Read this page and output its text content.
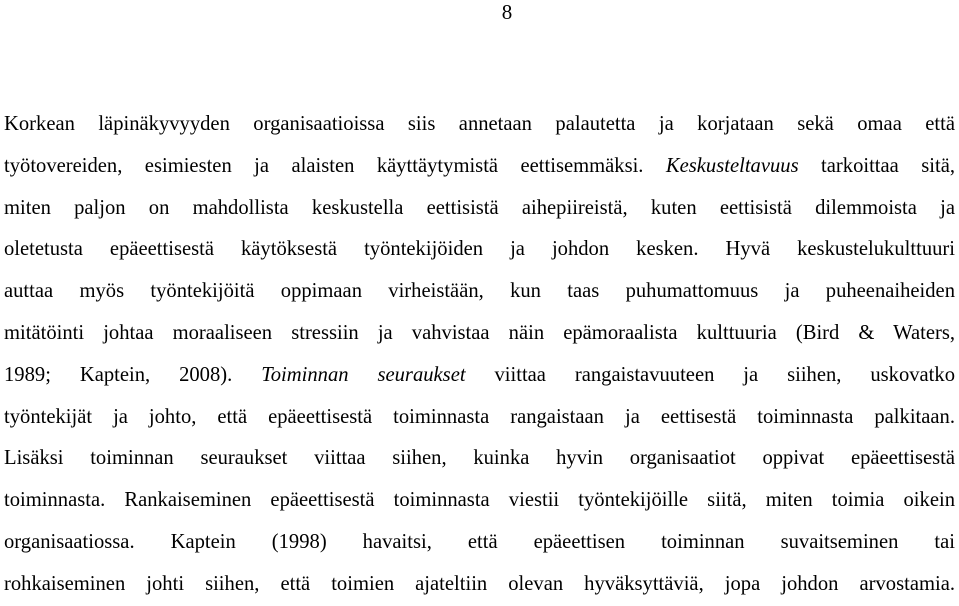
8
Korkean läpinäkyvyyden organisaatioissa siis annetaan palautetta ja korjataan sekä omaa että
työtovereiden, esimiesten ja alaisten käyttäytymistä eettisemmäksi. Keskusteltavuus tarkoittaa sitä,
miten paljon on mahdollista keskustella eettisistä aihepiireistä, kuten eettisistä dilemmoista ja
oletetusta epäeettisestä käytöksestä työntekijöiden ja johdon kesken. Hyvä keskustelukulttuuri
auttaa myös työntekijöitä oppimaan virheistään, kun taas puhumattomuus ja puheenaiheiden
mitätöinti johtaa moraaliseen stressiin ja vahvistaa näin epämoraalista kulttuuria (Bird & Waters,
1989; Kaptein, 2008). Toiminnan seuraukset viittaa rangaistavuuteen ja siihen, uskovatko
työntekijät ja johto, että epäeettisestä toiminnasta rangaistaan ja eettisestä toiminnasta palkitaan.
Lisäksi toiminnan seuraukset viittaa siihen, kuinka hyvin organisaatiot oppivat epäeettisestä
toiminnasta. Rankaiseminen epäeettisestä toiminnasta viestii työntekijöille siitä, miten toimia oikein
organisaatiossa. Kaptein (1998) havaitsi, että epäeettisen toiminnan suvaitseminen tai
rohkaiseminen johti siihen, että toimien ajateltiin olevan hyväksyttäviä, jopa johdon arvostamia.
